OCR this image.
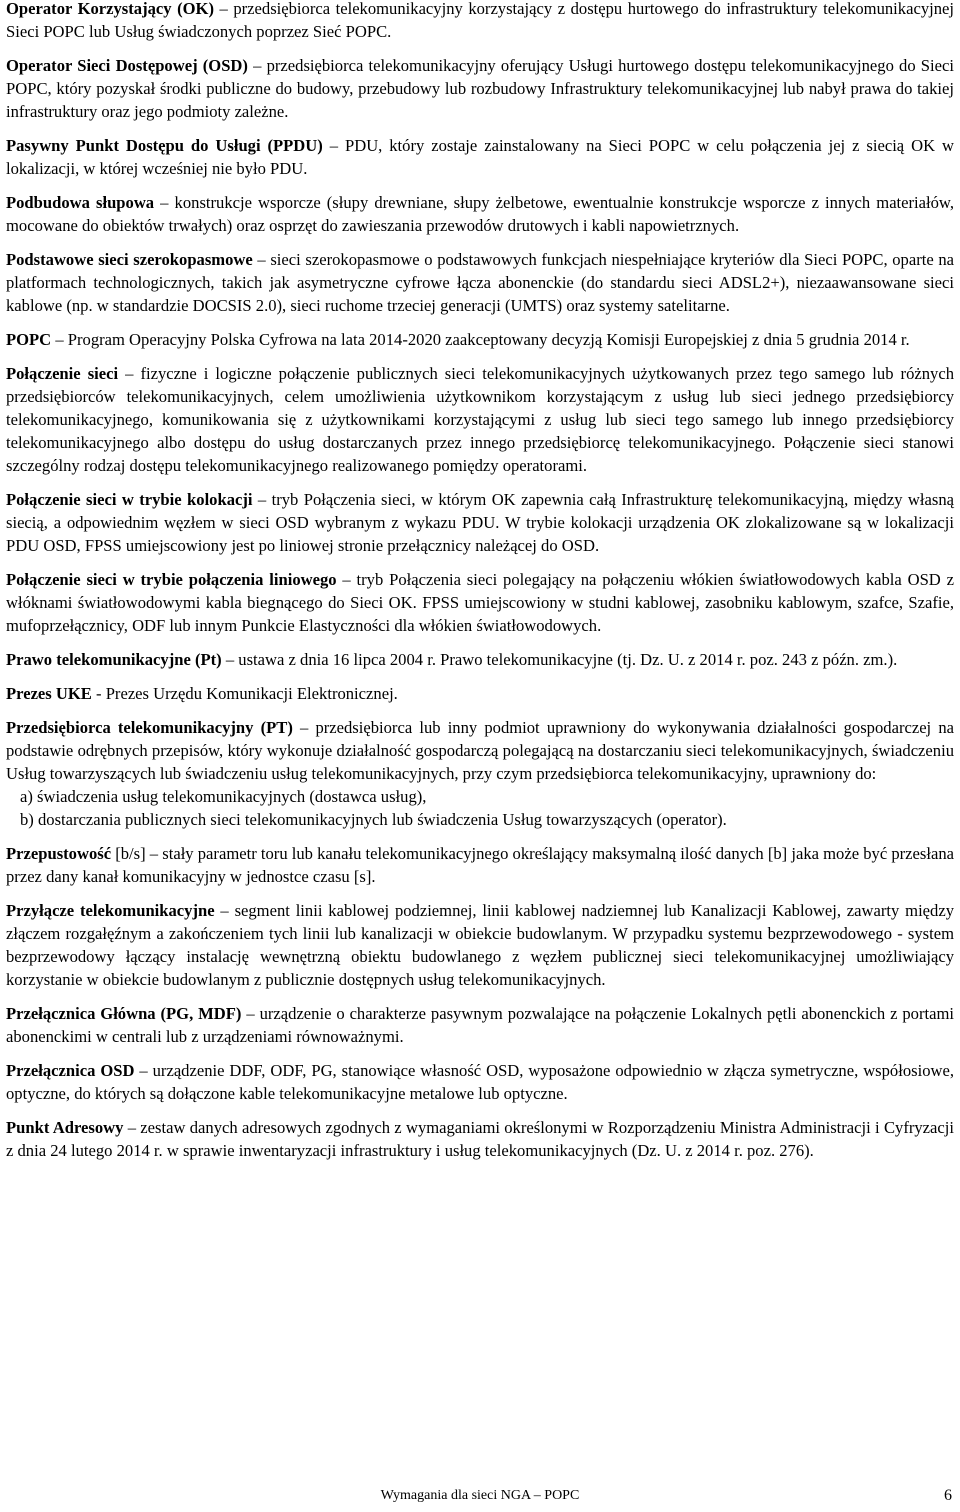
Operator Korzystający (OK) – przedsiębiorca telekomunikacyjny korzystający z dostępu hurtowego do infrastruktury telekomunikacyjnej Sieci POPC lub Usług świadczonych poprzez Sieć POPC.
Operator Sieci Dostępowej (OSD) – przedsiębiorca telekomunikacyjny oferujący Usługi hurtowego dostępu telekomunikacyjnego do Sieci POPC, który pozyskał środki publiczne do budowy, przebudowy lub rozbudowy Infrastruktury telekomunikacyjnej lub nabył prawa do takiej infrastruktury oraz jego podmioty zależne.
Pasywny Punkt Dostępu do Usługi (PPDU) – PDU, który zostaje zainstalowany na Sieci POPC w celu połączenia jej z siecią OK w lokalizacji, w której wcześniej nie było PDU.
Podbudowa słupowa – konstrukcje wsporcze (słupy drewniane, słupy żelbetowe, ewentualnie konstrukcje wsporcze z innych materiałów, mocowane do obiektów trwałych) oraz osprzęt do zawieszania przewodów drutowych i kabli napowietrznych.
Podstawowe sieci szerokopasmowe – sieci szerokopasmowe o podstawowych funkcjach niespełniające kryteriów dla Sieci POPC, oparte na platformach technologicznych, takich jak asymetryczne cyfrowe łącza abonenckie (do standardu sieci ADSL2+), niezaawansowane sieci kablowe (np. w standardzie DOCSIS 2.0), sieci ruchome trzeciej generacji (UMTS) oraz systemy satelitarne.
POPC – Program Operacyjny Polska Cyfrowa na lata 2014-2020 zaakceptowany decyzją Komisji Europejskiej z dnia 5 grudnia 2014 r.
Połączenie sieci – fizyczne i logiczne połączenie publicznych sieci telekomunikacyjnych użytkowanych przez tego samego lub różnych przedsiębiorców telekomunikacyjnych, celem umożliwienia użytkownikom korzystającym z usług lub sieci jednego przedsiębiorcy telekomunikacyjnego, komunikowania się z użytkownikami korzystającymi z usług lub sieci tego samego lub innego przedsiębiorcy telekomunikacyjnego albo dostępu do usług dostarczanych przez innego przedsiębiorcę telekomunikacyjnego. Połączenie sieci stanowi szczególny rodzaj dostępu telekomunikacyjnego realizowanego pomiędzy operatorami.
Połączenie sieci w trybie kolokacji – tryb Połączenia sieci, w którym OK zapewnia całą Infrastrukturę telekomunikacyjną, między własną siecią, a odpowiednim węzłem w sieci OSD wybranym z wykazu PDU. W trybie kolokacji urządzenia OK zlokalizowane są w lokalizacji PDU OSD, FPSS umiejscowiony jest po liniowej stronie przełącznicy należącej do OSD.
Połączenie sieci w trybie połączenia liniowego – tryb Połączenia sieci polegający na połączeniu włókien światłowodowych kabla OSD z włóknami światłowodowymi kabla biegnącego do Sieci OK. FPSS umiejscowiony w studni kablowej, zasobniku kablowym, szafce, Szafie, mufoprzełącznicy, ODF lub innym Punkcie Elastyczności dla włókien światłowodowych.
Prawo telekomunikacyjne (Pt) – ustawa z dnia 16 lipca 2004 r. Prawo telekomunikacyjne (tj. Dz. U. z 2014 r. poz. 243 z późn. zm.).
Prezes UKE - Prezes Urzędu Komunikacji Elektronicznej.
Przedsiębiorca telekomunikacyjny (PT) – przedsiębiorca lub inny podmiot uprawniony do wykonywania działalności gospodarczej na podstawie odrębnych przepisów, który wykonuje działalność gospodarczą polegającą na dostarczaniu sieci telekomunikacyjnych, świadczeniu Usług towarzyszących lub świadczeniu usług telekomunikacyjnych, przy czym przedsiębiorca telekomunikacyjny, uprawniony do:
a) świadczenia usług telekomunikacyjnych (dostawca usług),
b) dostarczania publicznych sieci telekomunikacyjnych lub świadczenia Usług towarzyszących (operator).
Przepustowość [b/s] – stały parametr toru lub kanału telekomunikacyjnego określający maksymalną ilość danych [b] jaka może być przesłana przez dany kanał komunikacyjny w jednostce czasu [s].
Przyłącze telekomunikacyjne – segment linii kablowej podziemnej, linii kablowej nadziemnej lub Kanalizacji Kablowej, zawarty między złączem rozgałęźnym a zakończeniem tych linii lub kanalizacji w obiekcie budowlanym. W przypadku systemu bezprzewodowego - system bezprzewodowy łączący instalację wewnętrzną obiektu budowlanego z węzłem publicznej sieci telekomunikacyjnej umożliwiający korzystanie w obiekcie budowlanym z publicznie dostępnych usług telekomunikacyjnych.
Przełącznica Główna (PG, MDF) – urządzenie o charakterze pasywnym pozwalające na połączenie Lokalnych pętli abonenckich z portami abonenckimi w centrali lub z urządzeniami równoważnymi.
Przełącznica OSD – urządzenie DDF, ODF, PG, stanowiące własność OSD, wyposażone odpowiednio w złącza symetryczne, współosiowe, optyczne, do których są dołączone kable telekomunikacyjne metalowe lub optyczne.
Punkt Adresowy – zestaw danych adresowych zgodnych z wymaganiami określonymi w Rozporządzeniu Ministra Administracji i Cyfryzacji z dnia 24 lutego 2014 r. w sprawie inwentaryzacji infrastruktury i usług telekomunikacyjnych (Dz. U. z 2014 r. poz. 276).
Wymagania dla sieci NGA – POPC	6
